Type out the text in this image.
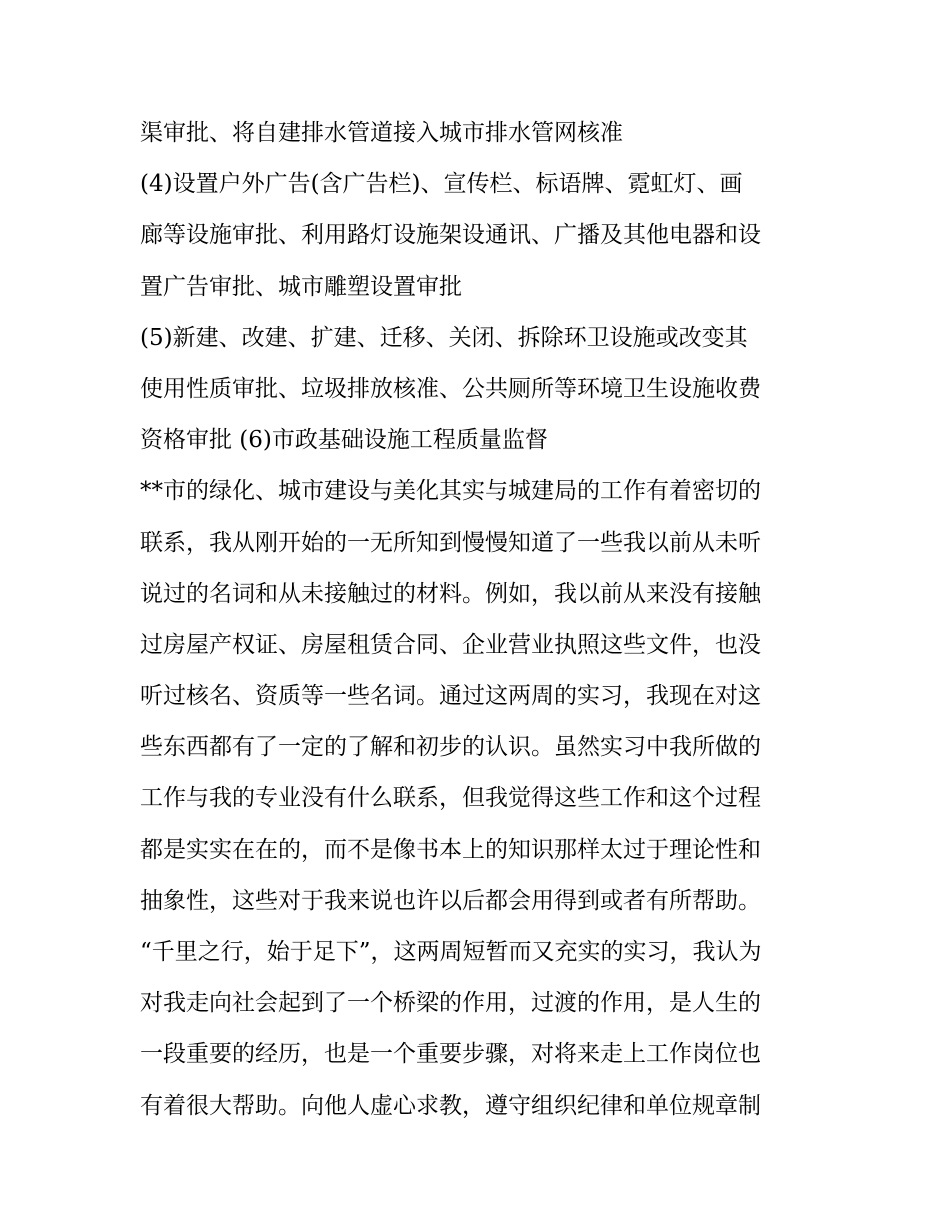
渠审批、将自建排水管道接入城市排水管网核准
(4)设置户外广告(含广告栏)、宣传栏、标语牌、霓虹灯、画
廊等设施审批、利用路灯设施架设通讯、广播及其他电器和设
置广告审批、城市雕塑设置审批
(5)新建、改建、扩建、迁移、关闭、拆除环卫设施或改变其
使用性质审批、垃圾排放核准、公共厕所等环境卫生设施收费
资格审批 (6)市政基础设施工程质量监督
**市的绿化、城市建设与美化其实与城建局的工作有着密切的
联系，我从刚开始的一无所知到慢慢知道了一些我以前从未听
说过的名词和从未接触过的材料。例如，我以前从来没有接触
过房屋产权证、房屋租赁合同、企业营业执照这些文件，也没
听过核名、资质等一些名词。通过这两周的实习，我现在对这
些东西都有了一定的了解和初步的认识。虽然实习中我所做的
工作与我的专业没有什么联系，但我觉得这些工作和这个过程
都是实实在在的，而不是像书本上的知识那样太过于理论性和
抽象性，这些对于我来说也许以后都会用得到或者有所帮助。
“千里之行，始于足下”，这两周短暂而又充实的实习，我认为
对我走向社会起到了一个桥梁的作用，过渡的作用，是人生的
一段重要的经历，也是一个重要步骤，对将来走上工作岗位也
有着很大帮助。向他人虚心求教，遵守组织纪律和单位规章制
